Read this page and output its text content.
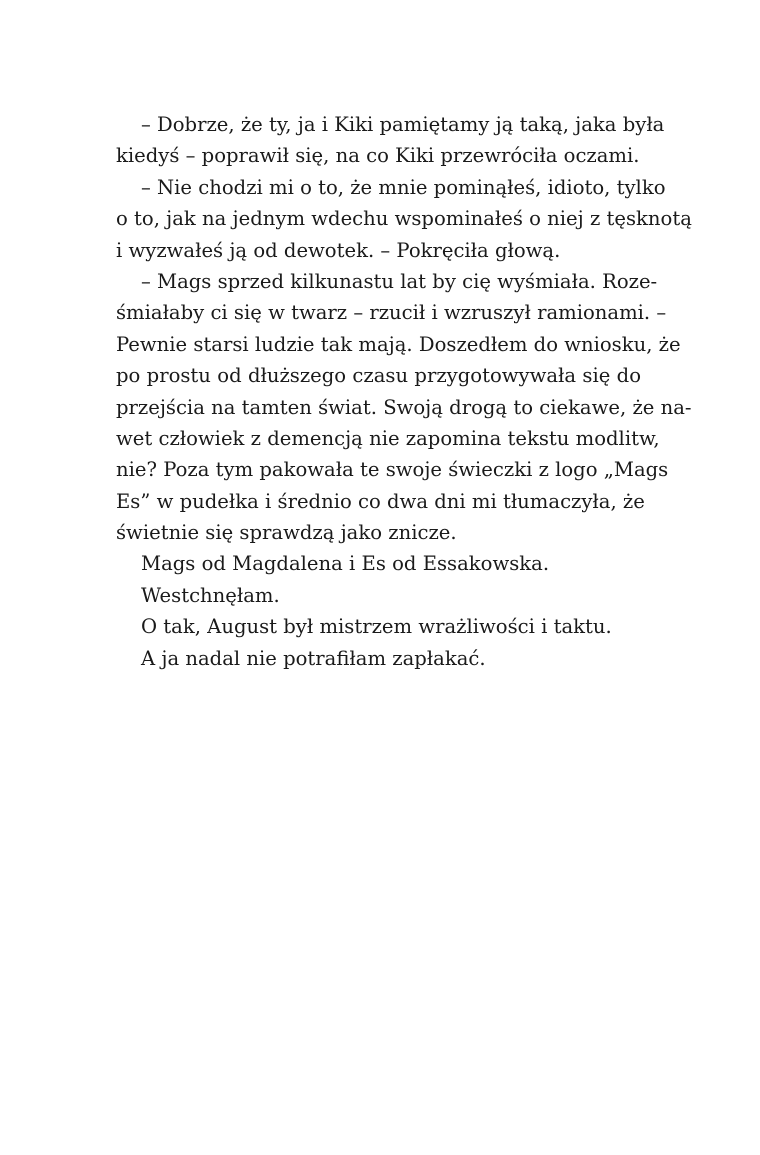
– Dobrze, że ty, ja i Kiki pamiętamy ją taką, jaka była
kiedyś – poprawił się, na co Kiki przewróciła oczami.
– Nie chodzi mi o to, że mnie pominąłeś, idioto, tylko
o to, jak na jednym wdechu wspominałeś o niej z tęsknotą
i wyzwałeś ją od dewotek. – Pokręciła głową.
– Mags sprzed kilkunastu lat by cię wyśmiała. Roze-
śmiałaby ci się w twarz – rzucił i wzruszył ramionami. –
Pewnie starsi ludzie tak mają. Doszedłem do wniosku, że
po prostu od dłuższego czasu przygotowywała się do
przejścia na tamten świat. Swoją drogą to ciekawe, że na-
wet człowiek z demencją nie zapomina tekstu modlitw,
nie? Poza tym pakowała te swoje świeczki z logo „Mags
Es” w pudełka i średnio co dwa dni mi tłumaczyła, że
świetnie się sprawdzą jako znicze.
Mags od Magdalena i Es od Essakowska.
Westchnęłam.
O tak, August był mistrzem wrażliwości i taktu.
A ja nadal nie potrafiłam zapłakać.
